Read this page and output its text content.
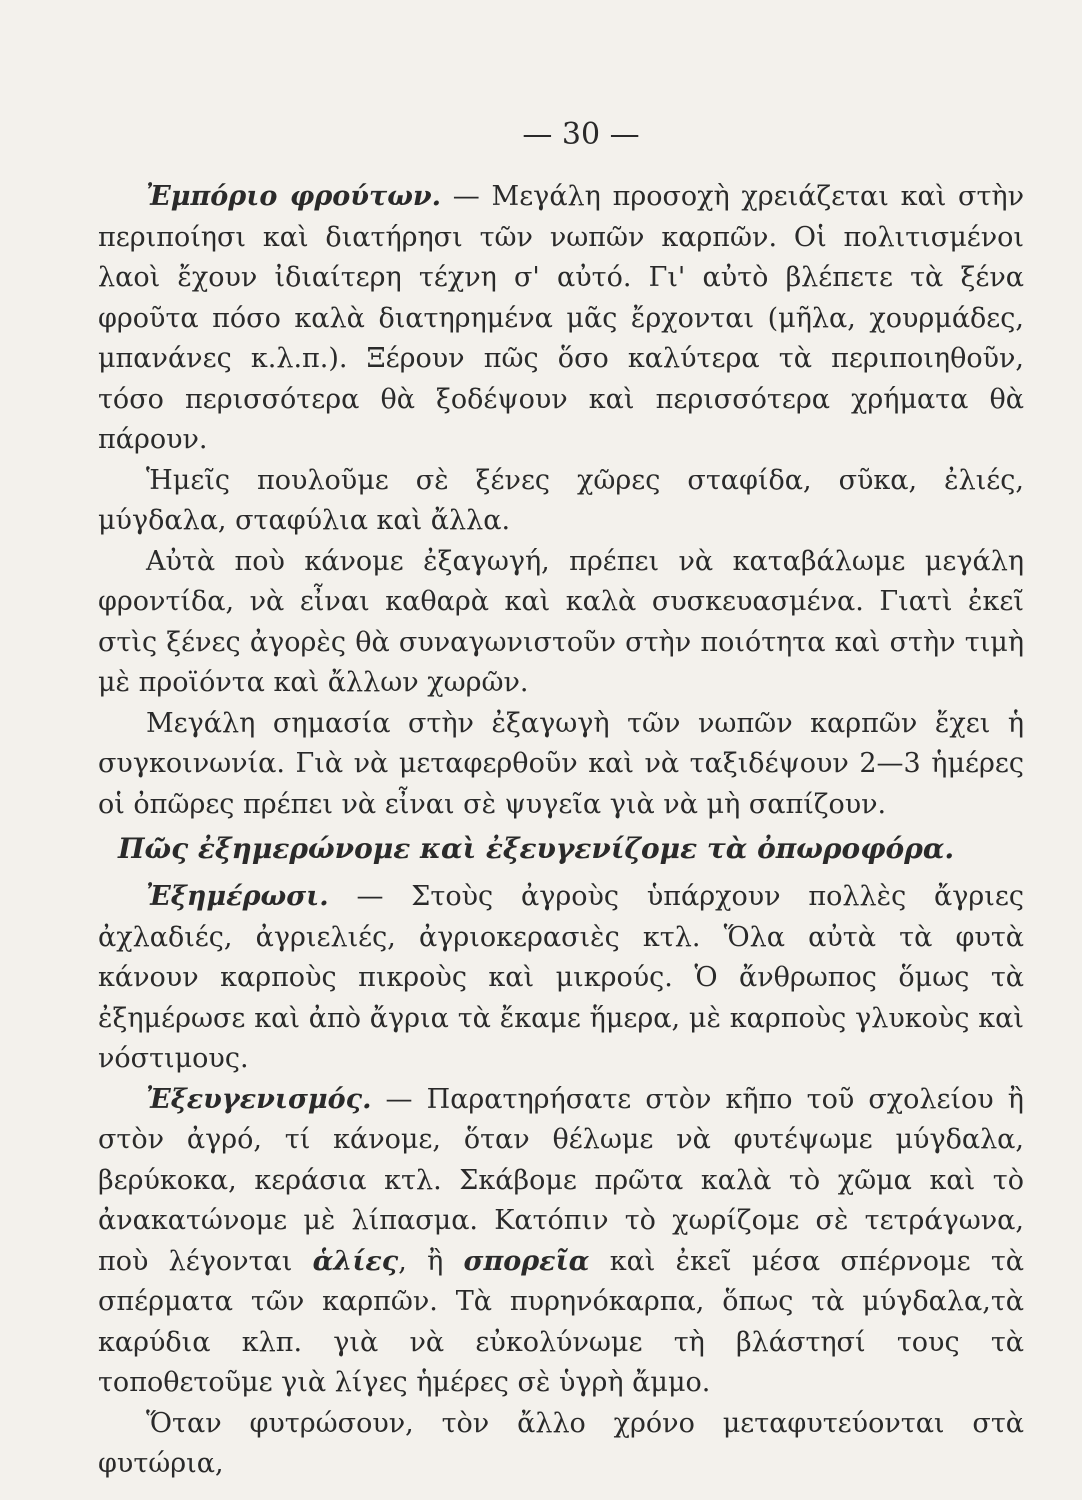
— 30 —

Ἐμπόριο φρούτων. — Μεγάλη προσοχὴ χρειάζεται καὶ στὴν περιποίησι καὶ διατήρησι τῶν νωπῶν καρπῶν. Οἱ πολιτισμένοι λαοὶ ἔχουν ἰδιαίτερη τέχνη σ' αὐτό. Γι' αὐτὸ βλέπετε τὰ ξένα φροῦτα πόσο καλὰ διατηρημένα μᾶς ἔρχονται (μῆλα, χουρμάδες, μπανάνες κ.λ.π.). Ξέρουν πῶς ὅσο καλύτερα τὰ περιποιηθοῦν, τόσο περισσότερα θὰ ξοδέψουν καὶ περισσότερα χρήματα θὰ πάρουν.

Ἡμεῖς πουλοῦμε σὲ ξένες χῶρες σταφίδα, σῦκα, ἐλιές, μύγδαλα, σταφύλια καὶ ἄλλα.

Αὐτὰ ποὺ κάνομε ἐξαγωγή, πρέπει νὰ καταβάλωμε μεγάλη φροντίδα, νὰ εἶναι καθαρὰ καὶ καλὰ συσκευασμένα. Γιατὶ ἐκεῖ στὶς ξένες ἀγορὲς θὰ συναγωνιστοῦν στὴν ποιότητα καὶ στὴν τιμὴ μὲ προϊόντα καὶ ἄλλων χωρῶν.

Μεγάλη σημασία στὴν ἐξαγωγὴ τῶν νωπῶν καρπῶν ἔχει ἡ συγκοινωνία. Γιὰ νὰ μεταφερθοῦν καὶ νὰ ταξιδέψουν 2—3 ἡμέρες οἱ ὀπῶρες πρέπει νὰ εἶναι σὲ ψυγεῖα γιὰ νὰ μὴ σαπίζουν.

Πῶς ἐξημερώνομε καὶ ἐξευγενίζομε τὰ ὀπωροφόρα.

Ἐξημέρωσι. — Στοὺς ἀγροὺς ὑπάρχουν πολλὲς ἄγριες ἀχλαδιές, ἀγριελιές, ἀγριοκερασιὲς κτλ. Ὅλα αὐτὰ τὰ φυτὰ κάνουν καρποὺς πικροὺς καὶ μικρούς. Ὁ ἄνθρωπος ὅμως τὰ ἐξημέρωσε καὶ ἀπὸ ἄγρια τὰ ἔκαμε ἥμερα, μὲ καρποὺς γλυκοὺς καὶ νόστιμους.

Ἐξευγενισμός. — Παρατηρήσατε στὸν κῆπο τοῦ σχολείου ἢ στὸν ἀγρό, τί κάνομε, ὅταν θέλωμε νὰ φυτέψωμε μύγδαλα, βερύκοκα, κεράσια κτλ. Σκάβομε πρῶτα καλὰ τὸ χῶμα καὶ τὸ ἀνακατώνομε μὲ λίπασμα. Κατόπιν τὸ χωρίζομε σὲ τετράγωνα, ποὺ λέγονται ἁλίες, ἢ σπορεῖα καὶ ἐκεῖ μέσα σπέρνομε τὰ σπέρματα τῶν καρπῶν. Τὰ πυρηνόκαρπα, ὅπως τὰ μύγδαλα,τὰ καρύδια κλπ. γιὰ νὰ εὐκολύνωμε τὴ βλάστησί τους τὰ τοποθετοῦμε γιὰ λίγες ἡμέρες σὲ ὑγρὴ ἄμμο.

Ὅταν φυτρώσουν, τὸν ἄλλο χρόνο μεταφυτεύονται στὰ φυτώρια,
